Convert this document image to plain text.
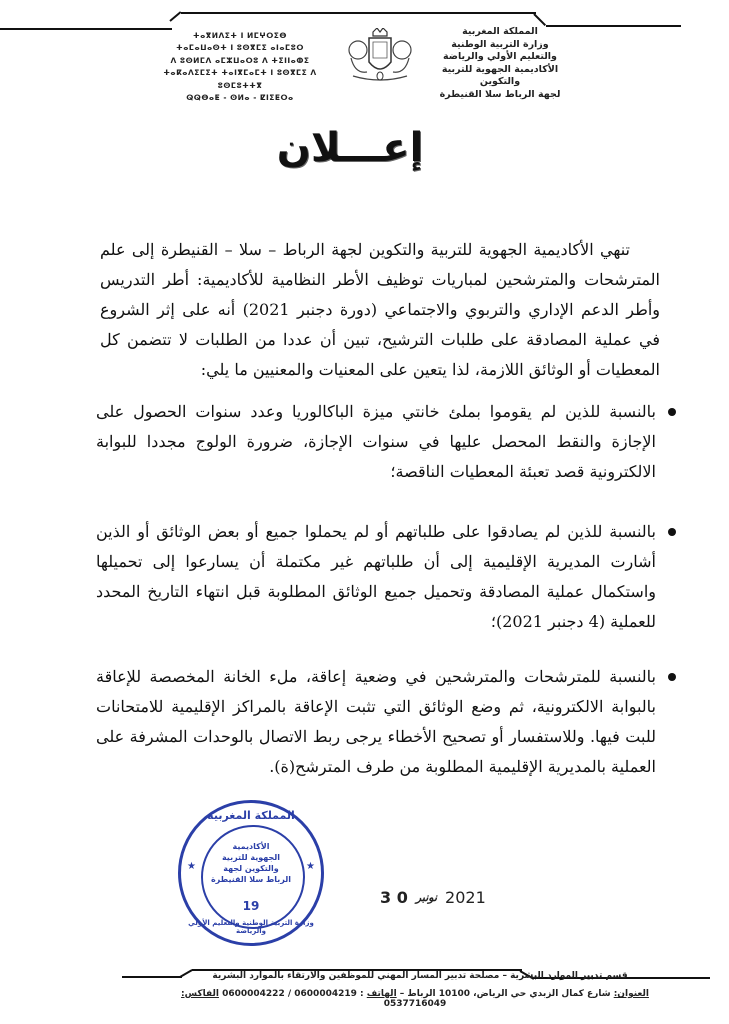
ⵜⴰⴳⵍⴷⵉⵜ ⵏ ⵍⵎⵖⵔⵉⴱ
ⵜⴰⵎⴰⵡⴰⵙⵜ ⵏ ⵓⵙⴳⵎⵉ ⴰⵏⴰⵎⵓⵔ
ⴷ ⵓⵙⵍⵎⴷ ⴰⵎⵣⵡⴰⵔⵓ ⴷ ⵜⵉⵏⵏⴰⵀⵉ
ⵜⴰⴽⴰⴷⵉⵎⵉⵜ ⵜⴰⵏⴳⵎⴰⵎⵜ ⵏ ⵓⵙⴳⵎⵉ ⴷ ⵓⵙⵎⵓⵜⵜⴳ
ⵕⵕⴱⴰⵟ - ⵙⵍⴰ - ⵇⵏⵉⵟⵔⴰ
المملكة المغربية
وزارة التربية الوطنية
والتعليم الأولي والرياضة
الأكاديمية الجهوية للتربية والتكوين
لجهة الرباط سلا القنيطرة
إعـــلان
تنهي الأكاديمية الجهوية للتربية والتكوين لجهة الرباط – سلا – القنيطرة إلى علم المترشحات والمترشحين لمباريات توظيف الأطر النظامية للأكاديمية: أطر التدريس وأطر الدعم الإداري والتربوي والاجتماعي (دورة دجنبر 2021) أنه على إثر الشروع في عملية المصادقة على طلبات الترشيح، تبين أن عددا من الطلبات لا تتضمن كل المعطيات أو الوثائق اللازمة، لذا يتعين على المعنيات والمعنيين ما يلي:
بالنسبة للذين لم يقوموا بملئ خانتي ميزة الباكالوريا وعدد سنوات الحصول على الإجازة والنقط المحصل عليها في سنوات الإجازة، ضرورة الولوج مجددا للبوابة الالكترونية قصد تعبئة المعطيات الناقصة؛
بالنسبة للذين لم يصادقوا على طلباتهم أو لم يحملوا جميع أو بعض الوثائق أو الذين أشارت المديرية الإقليمية إلى أن طلباتهم غير مكتملة أن يسارعوا إلى تحميلها واستكمال عملية المصادقة وتحميل جميع الوثائق المطلوبة قبل انتهاء التاريخ المحدد للعملية (4 دجنبر 2021)؛
بالنسبة للمترشحات والمترشحين في وضعية إعاقة، ملء الخانة المخصصة للإعاقة بالبوابة الالكترونية، ثم وضع الوثائق التي تثبت الإعاقة بالمراكز الإقليمية للامتحانات للبت فيها. وللاستفسار أو تصحيح الأخطاء يرجى ربط الاتصال بالوحدات المشرفة على العملية بالمديرية الإقليمية المطلوبة من طرف المترشح(ة).
المملكة المغربية
الأكاديمية
الجهوية للتربية
والتكوين لجهة
الرباط سلا القنيطرة
19
وزارة التربية الوطنية والتعليم الأولي والرياضة
★	★
3 0 نونبر 2021
قسم تدبير الموارد البشرية – مصلحة تدبير المسار المهني للموظفين والارتقاء بالموارد البشرية
العنوان: شارع كمال الزبدي حي الرياض، 10100 الرباط – الهاتف : 0600004219 / 0600004222 الفاكس: 0537716049
